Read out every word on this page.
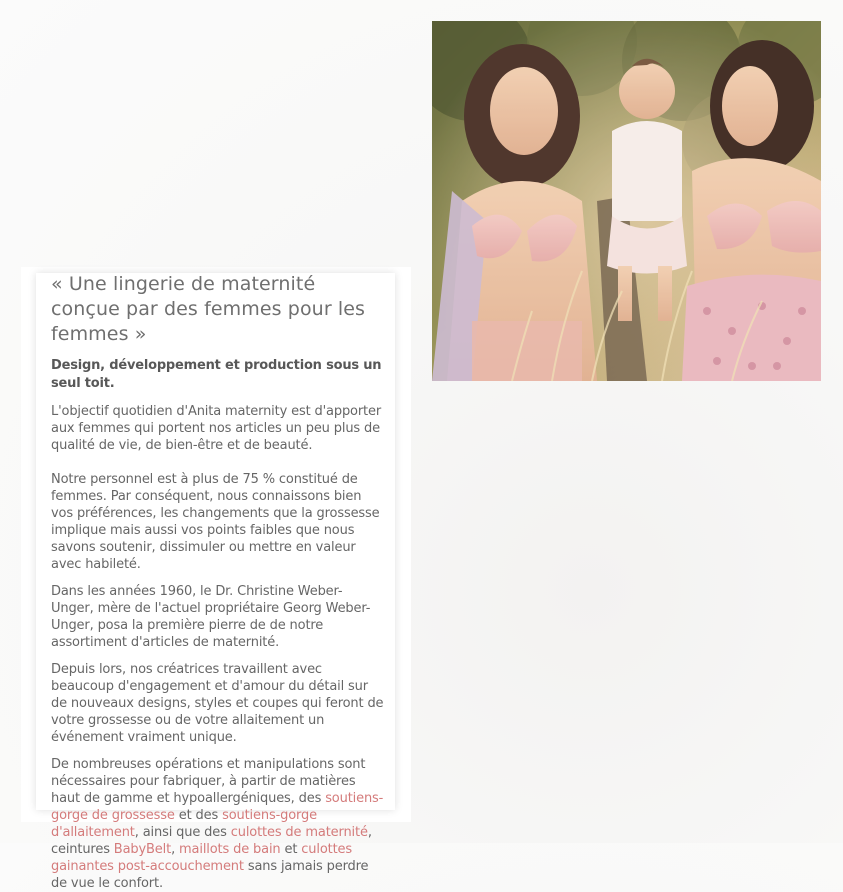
« Une lingerie de maternité conçue par des femmes pour les femmes »

Design, développement et production sous un seul toit.

L'objectif quotidien d'Anita maternity est d'apporter aux femmes qui portent nos articles un peu plus de qualité de vie, de bien-être et de beauté.

Notre personnel est à plus de 75 % constitué de femmes. Par conséquent, nous connaissons bien vos préférences, les changements que la grossesse implique mais aussi vos points faibles que nous savons soutenir, dissimuler ou mettre en valeur avec habileté.

Dans les années 1960, le Dr. Christine Weber-Unger, mère de l'actuel propriétaire Georg Weber-Unger, posa la première pierre de de notre assortiment d'articles de maternité.

Depuis lors, nos créatrices travaillent avec beaucoup d'engagement et d'amour du détail sur de nouveaux designs, styles et coupes qui feront de votre grossesse ou de votre allaitement un événement vraiment unique.

De nombreuses opérations et manipulations sont nécessaires pour fabriquer, à partir de matières haut de gamme et hypoallergéniques, des soutiens-gorge de grossesse et des soutiens-gorge d'allaitement, ainsi que des culottes de maternité, ceintures BabyBelt, maillots de bain et culottes gainantes post-accouchement sans jamais perdre de vue le confort.
